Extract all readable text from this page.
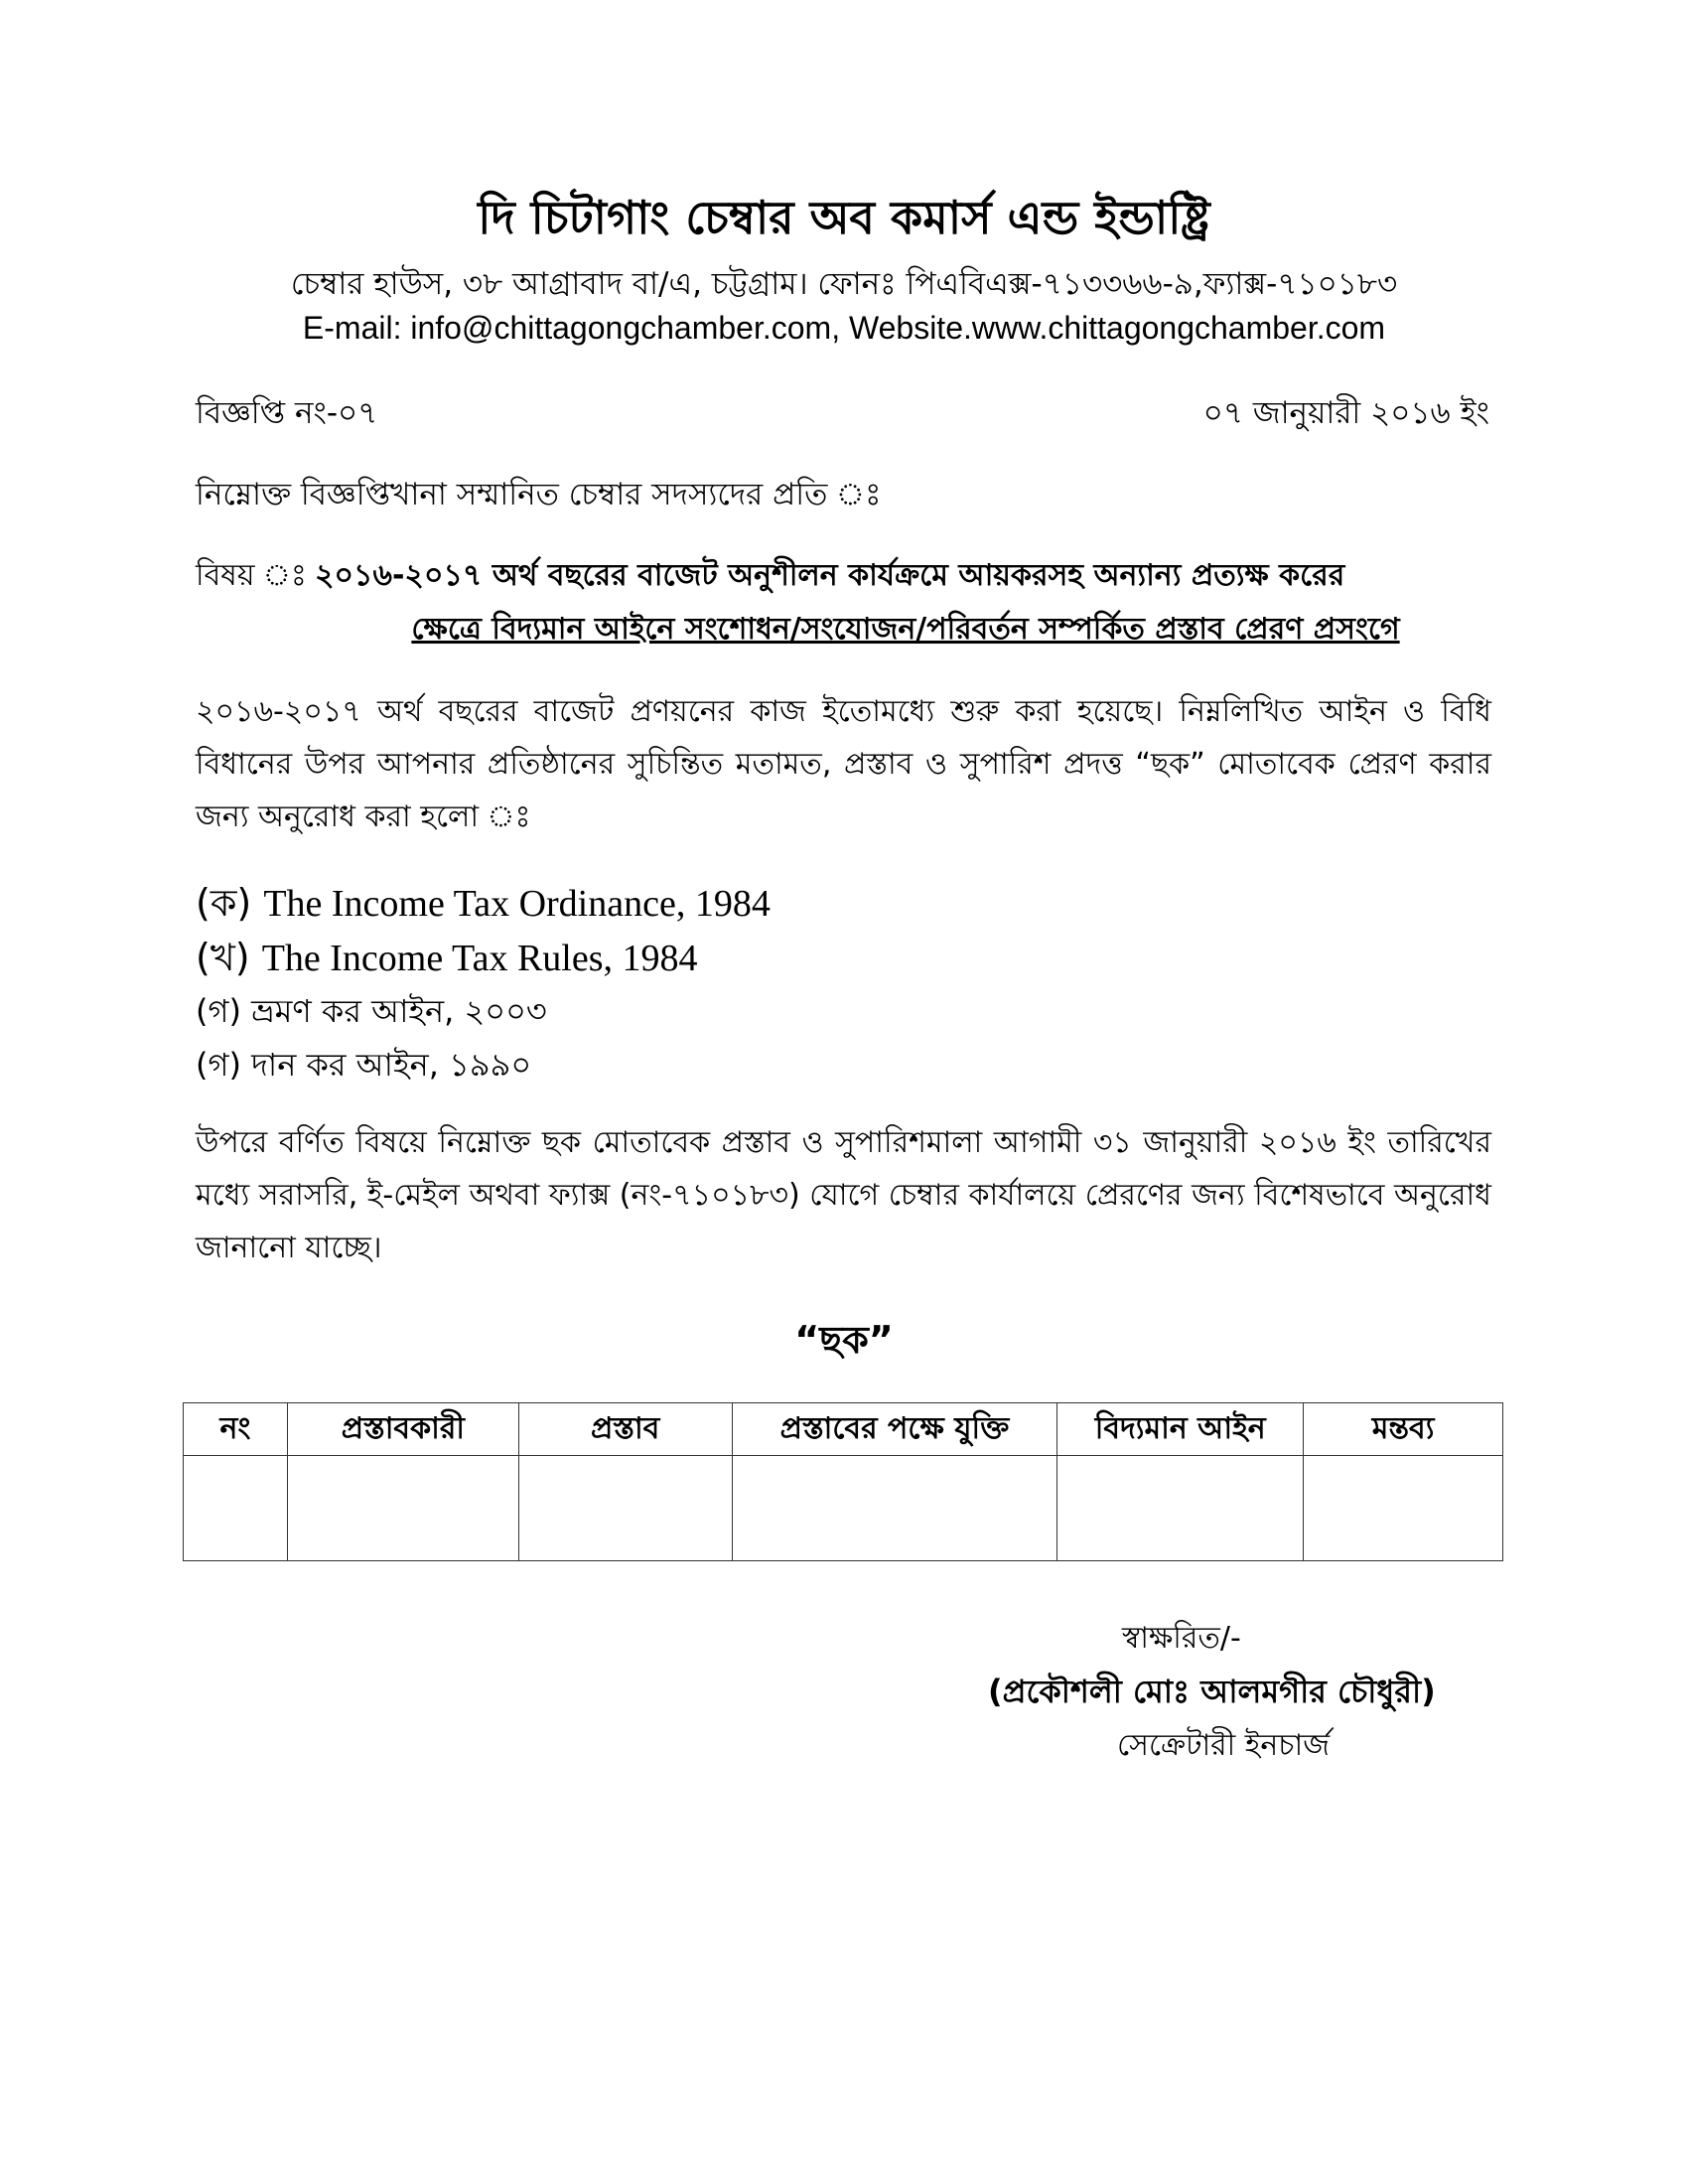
দি চিটাগাং চেম্বার অব কমার্স এন্ড ইন্ডাষ্ট্রি
চেম্বার হাউস, ৩৮ আগ্রাবাদ বা/এ, চট্টগ্রাম। ফোনঃ পিএবিএক্স-৭১৩৩৬৬-৯,ফ্যাক্স-৭১০১৮৩
E-mail: info@chittagongchamber.com, Website.www.chittagongchamber.com
বিজ্ঞপ্তি নং-০৭	০৭ জানুয়ারী ২০১৬ ইং
নিম্নোক্ত বিজ্ঞপ্তিখানা সম্মানিত চেম্বার সদস্যদের প্রতি ঃ
বিষয় ঃ ২০১৬-২০১৭ অর্থ বছরের বাজেট অনুশীলন কার্যক্রমে আয়করসহ অন্যান্য প্রত্যক্ষ করের
ক্ষেত্রে বিদ্যমান আইনে সংশোধন/সংযোজন/পরিবর্তন সম্পর্কিত প্রস্তাব প্রেরণ প্রসংগে
২০১৬-২০১৭ অর্থ বছরের বাজেট প্রণয়নের কাজ ইতোমধ্যে শুরু করা হয়েছে। নিম্নলিখিত আইন ও বিধি বিধানের উপর আপনার প্রতিষ্ঠানের সুচিন্তিত মতামত, প্রস্তাব ও সুপারিশ প্রদত্ত “ছক” মোতাবেক প্রেরণ করার জন্য অনুরোধ করা হলো ঃ
(ক) The Income Tax Ordinance, 1984
(খ) The Income Tax Rules, 1984
(গ) ভ্রমণ কর আইন, ২০০৩
(গ) দান কর আইন, ১৯৯০
উপরে বর্ণিত বিষয়ে নিম্নোক্ত ছক মোতাবেক প্রস্তাব ও সুপারিশমালা আগামী ৩১ জানুয়ারী ২০১৬ ইং তারিখের মধ্যে সরাসরি, ই-মেইল অথবা ফ্যাক্স (নং-৭১০১৮৩) যোগে চেম্বার কার্যালয়ে প্রেরণের জন্য বিশেষভাবে অনুরোধ জানানো যাচ্ছে।
“ছক”
নং	প্রস্তাবকারী	প্রস্তাব	প্রস্তাবের পক্ষে যুক্তি	বিদ্যমান আইন	মন্তব্য

স্বাক্ষরিত/-
(প্রকৌশলী মোঃ আলমগীর চৌধুরী)
সেক্রেটারী ইনচার্জ
